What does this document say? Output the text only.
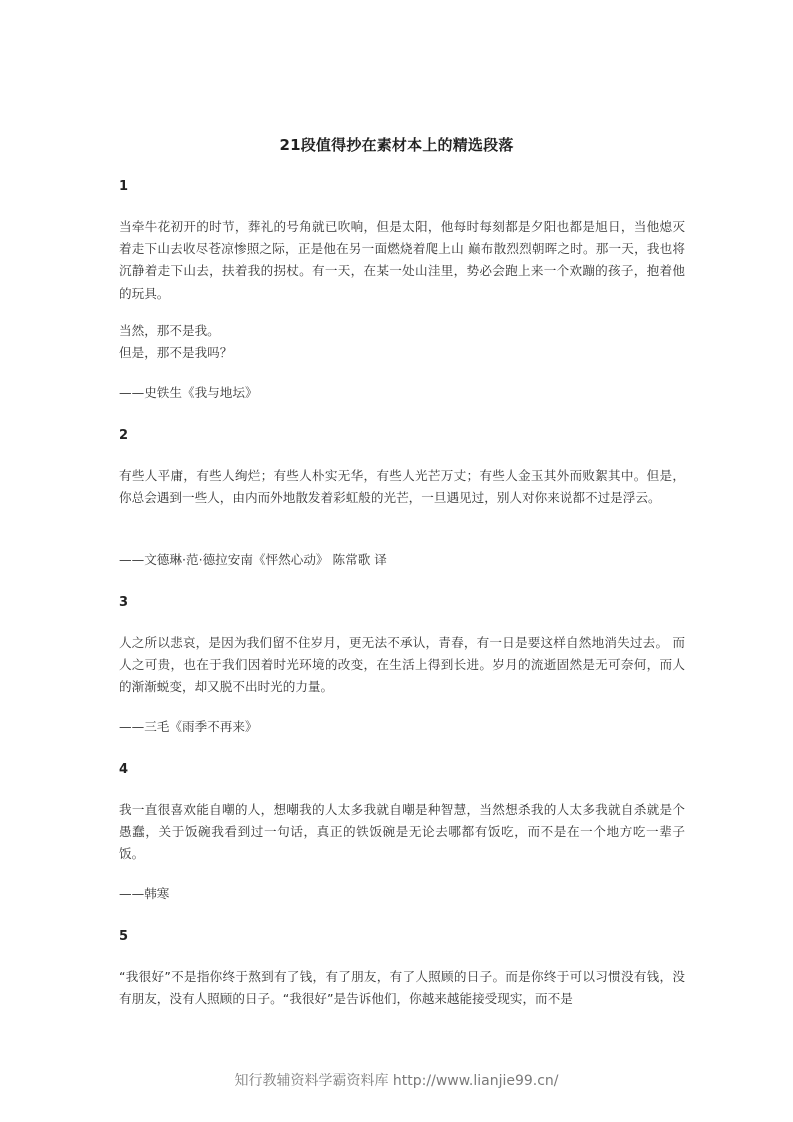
21段值得抄在素材本上的精选段落
1

当牵牛花初开的时节，葬礼的号角就已吹响，但是太阳，他每时每刻都是夕阳也都是旭日，当他熄灭着走下山去收尽苍凉惨照之际，正是他在另一面燃烧着爬上山 巅布散烈烈朝晖之时。那一天，我也将沉静着走下山去，扶着我的拐杖。有一天，在某一处山洼里，势必会跑上来一个欢蹦的孩子，抱着他的玩具。

当然，那不是我。
但是，那不是我吗？
——史铁生《我与地坛》
2

有些人平庸，有些人绚烂；有些人朴实无华，有些人光芒万丈；有些人金玉其外而败絮其中。但是，你总会遇到一些人，由内而外地散发着彩虹般的光芒，一旦遇见过，别人对你来说都不过是浮云。

——文德琳·范·德拉安南《怦然心动》 陈常歌 译
3

人之所以悲哀，是因为我们留不住岁月，更无法不承认，青春，有一日是要这样自然地消失过去。 而人之可贵，也在于我们因着时光环境的改变，在生活上得到长进。岁月的流逝固然是无可奈何，而人的渐渐蜕变，却又脱不出时光的力量。

——三毛《雨季不再来》
4

我一直很喜欢能自嘲的人，想嘲我的人太多我就自嘲是种智慧，当然想杀我的人太多我就自杀就是个愚蠢，关于饭碗我看到过一句话，真正的铁饭碗是无论去哪都有饭吃，而不是在一个地方吃一辈子饭。

——韩寒
5

“我很好”不是指你终于熬到有了钱，有了朋友，有了人照顾的日子。而是你终于可以习惯没有钱，没有朋友，没有人照顾的日子。“我很好”是告诉他们，你越来越能接受现实，而不是

知行教辅资料学霸资料库 http://www.lianjie99.cn/
